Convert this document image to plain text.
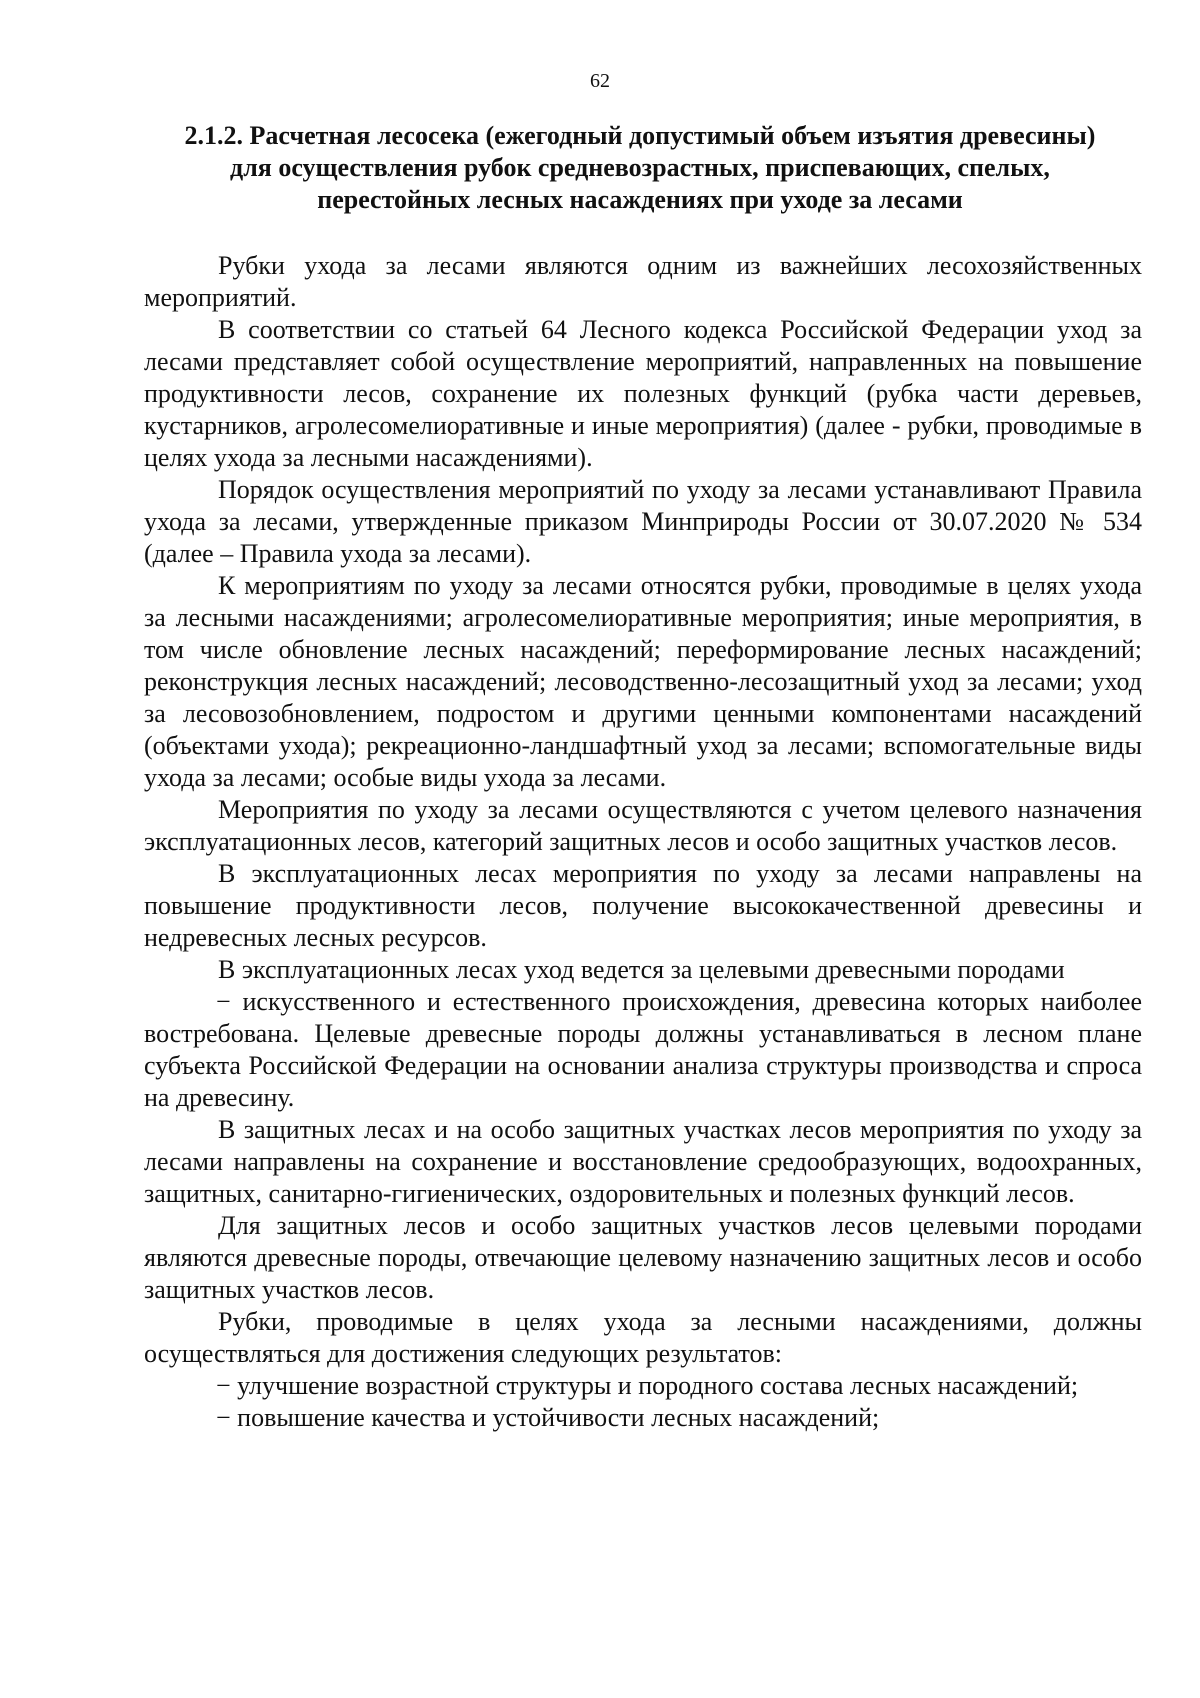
62
2.1.2. Расчетная лесосека (ежегодный допустимый объем изъятия древесины)
для осуществления рубок средневозрастных, приспевающих, спелых,
перестойных лесных насаждениях при уходе за лесами

Рубки ухода за лесами являются одним из важнейших лесохозяйственных мероприятий.

В соответствии со статьей 64 Лесного кодекса Российской Федерации уход за лесами представляет собой осуществление мероприятий, направленных на повышение продуктивности лесов, сохранение их полезных функций (рубка части деревьев, кустарников, агролесомелиоративные и иные мероприятия) (далее - рубки, проводимые в целях ухода за лесными насаждениями).

Порядок осуществления мероприятий по уходу за лесами устанавливают Правила ухода за лесами, утвержденные приказом Минприроды России от 30.07.2020 № 534 (далее – Правила ухода за лесами).

К мероприятиям по уходу за лесами относятся рубки, проводимые в целях ухода за лесными насаждениями; агролесомелиоративные мероприятия; иные мероприятия, в том числе обновление лесных насаждений; переформирование лесных насаждений; реконструкция лесных насаждений; лесоводственно-лесозащитный уход за лесами; уход за лесовозобновлением, подростом и другими ценными компонентами насаждений (объектами ухода); рекреационно-ландшафтный уход за лесами; вспомогательные виды ухода за лесами; особые виды ухода за лесами.

Мероприятия по уходу за лесами осуществляются с учетом целевого назначения эксплуатационных лесов, категорий защитных лесов и особо защитных участков лесов.

В эксплуатационных лесах мероприятия по уходу за лесами направлены на повышение продуктивности лесов, получение высококачественной древесины и недревесных лесных ресурсов.

В эксплуатационных лесах уход ведется за целевыми древесными породами

− искусственного и естественного происхождения, древесина которых наиболее востребована. Целевые древесные породы должны устанавливаться в лесном плане субъекта Российской Федерации на основании анализа структуры производства и спроса на древесину.

В защитных лесах и на особо защитных участках лесов мероприятия по уходу за лесами направлены на сохранение и восстановление средообразующих, водоохранных, защитных, санитарно-гигиенических, оздоровительных и полезных функций лесов.

Для защитных лесов и особо защитных участков лесов целевыми породами являются древесные породы, отвечающие целевому назначению защитных лесов и особо защитных участков лесов.

Рубки, проводимые в целях ухода за лесными насаждениями, должны осуществляться для достижения следующих результатов:

− улучшение возрастной структуры и породного состава лесных насаждений;

− повышение качества и устойчивости лесных насаждений;
